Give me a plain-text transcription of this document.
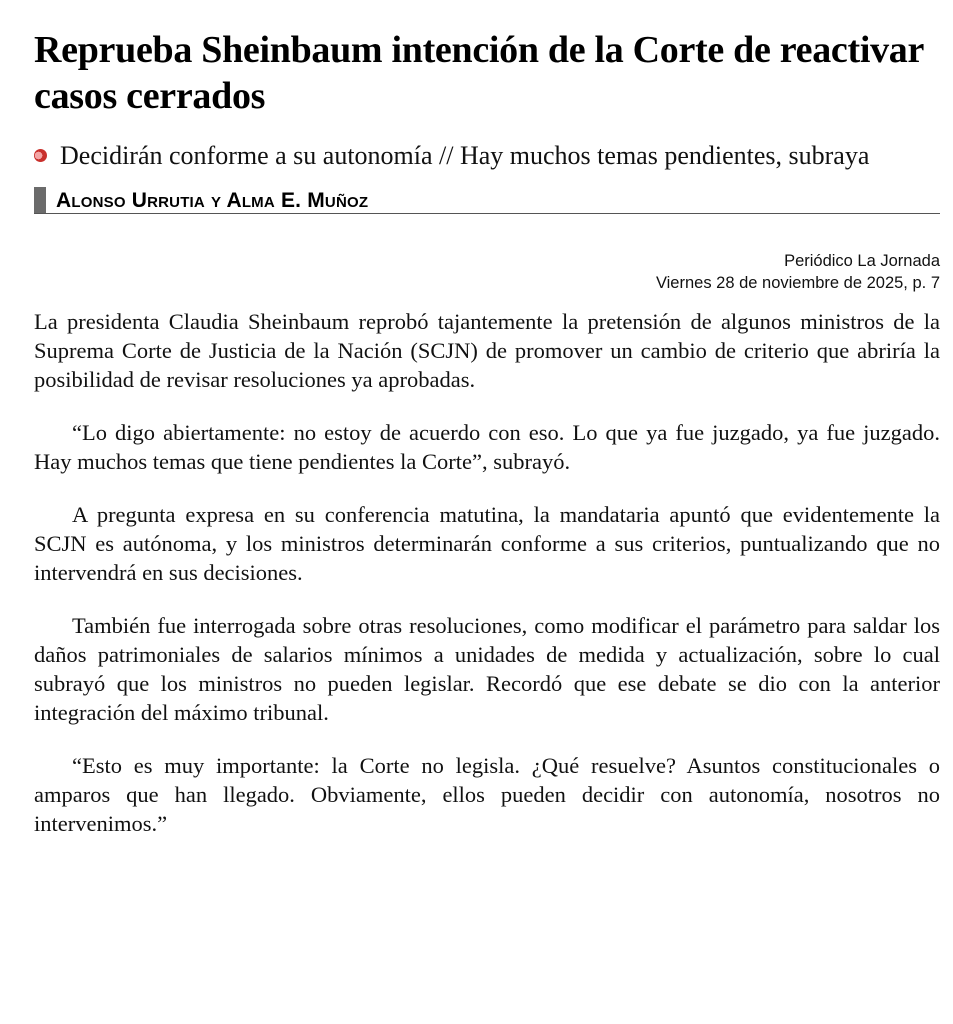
Reprueba Sheinbaum intención de la Corte de reactivar casos cerrados
Decidirán conforme a su autonomía // Hay muchos temas pendientes, subraya
Alonso Urrutia y Alma E. Muñoz
Periódico La Jornada
Viernes 28 de noviembre de 2025, p. 7

La presidenta Claudia Sheinbaum reprobó tajantemente la pretensión de algunos ministros de la Suprema Corte de Justicia de la Nación (SCJN) de promover un cambio de criterio que abriría la posibilidad de revisar resoluciones ya aprobadas.

“Lo digo abiertamente: no estoy de acuerdo con eso. Lo que ya fue juzgado, ya fue juzgado. Hay muchos temas que tiene pendientes la Corte”, subrayó.

A pregunta expresa en su conferencia matutina, la mandataria apuntó que evidentemente la SCJN es autónoma, y los ministros determinarán conforme a sus criterios, puntualizando que no intervendrá en sus decisiones.

También fue interrogada sobre otras resoluciones, como modificar el parámetro para saldar los daños patrimoniales de salarios mínimos a unidades de medida y actualización, sobre lo cual subrayó que los ministros no pueden legislar. Recordó que ese debate se dio con la anterior integración del máximo tribunal.

“Esto es muy importante: la Corte no legisla. ¿Qué resuelve? Asuntos constitucionales o amparos que han llegado. Obviamente, ellos pueden decidir con autonomía, nosotros no intervenimos.”
